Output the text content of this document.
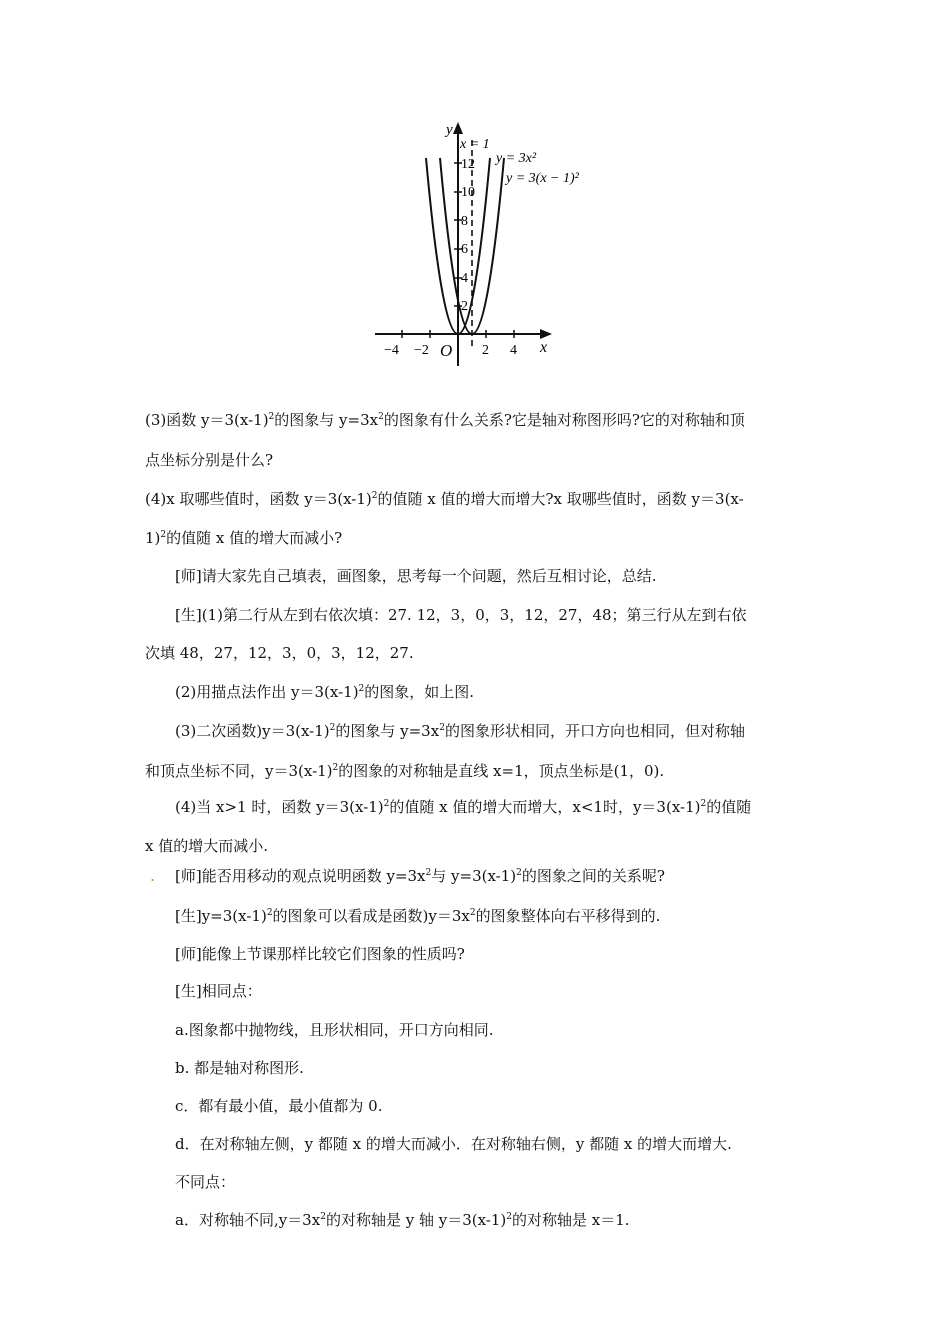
y
x
O
x = 1
y = 3x²
y = 3(x − 1)²
−4 −2	2 4
12
10
8
6
4
2
(3)函数 $y=3(x-1)^2$的图象与 $y=3x^2$的图象有什么关系?它是轴对称图形吗?它的对称轴和顶
点坐标分别是什么?
(4)x 取哪些值时，函数 $y=3(x-1)^2$的值随 x 值的增大而增大?x 取哪些值时，函数 y＝3(x-
1)$^2$的值随 x 值的增大而减小?
[师]请大家先自己填表，画图象，思考每一个问题，然后互相讨论，总结.
[生](1)第二行从左到右依次填：27. 12，3，0，3，12，27，48；第三行从左到右依
次填 48，27，12，3，0，3，12，27.
(2)用描点法作出 $y=3(x-1)^2$的图象，如上图.
(3)二次函数)$y=3(x-1)^2$的图象与 $y=3x^2$的图象形状相同，开口方向也相同，但对称轴
和顶点坐标不同，$y=3(x-1)^2$的图象的对称轴是直线 x=1，顶点坐标是(1，0).
(4)当 x>1 时，函数 $y=3(x-1)^2$的值随 x 值的增大而增大，x<1时，$y=3(x-1)^2$的值随
x 值的增大而减小.
. [师]能否用移动的观点说明函数 $y=3x^2$与 $y=3(x-1)^2$的图象之间的关系呢?
[生]$y=3(x-1)^2$的图象可以看成是函数)$y=3x^2$的图象整体向右平移得到的.
[师]能像上节课那样比较它们图象的性质吗?
[生]相同点：
a.图象都中抛物线，且形状相同，开口方向相同.
b. 都是轴对称图形.
c．都有最小值，最小值都为 0.
d．在对称轴左侧，y 都随 x 的增大而减小．在对称轴右侧，y 都随 x 的增大而增大.
不同点：
a．对称轴不同$,y=3x^2$的对称轴是 y 轴 $y=3(x-1)^2$的对称轴是 x＝1.
